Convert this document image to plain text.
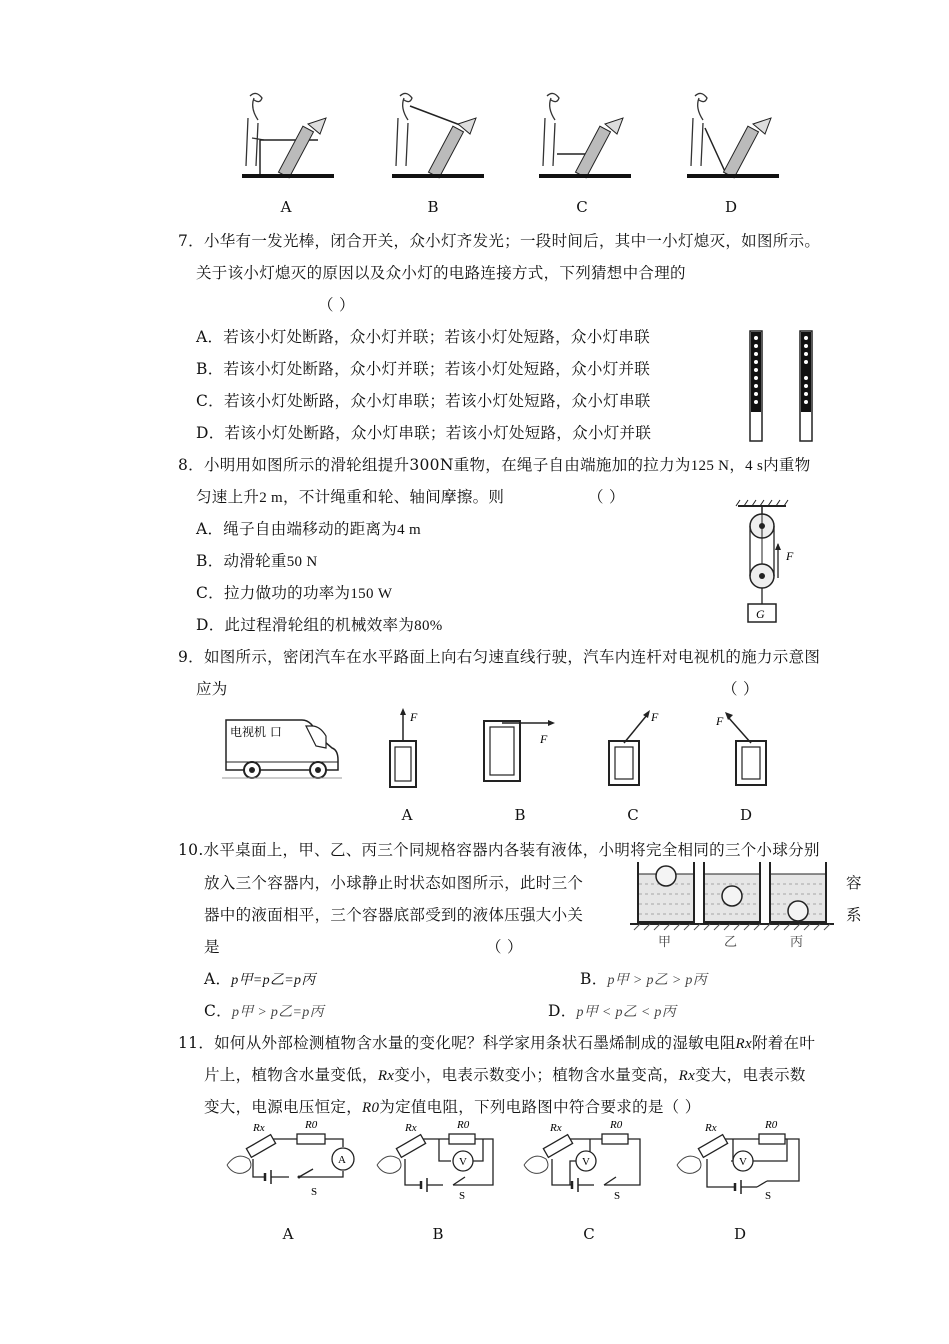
A	B	C	D
7．小华有一发光棒，闭合开关，众小灯齐发光；一段时间后，其中一小灯熄灭，如图所示。
关于该小灯熄灭的原因以及众小灯的电路连接方式，下列猜想中合理的
（ ）
A．若该小灯处断路，众小灯并联；若该小灯处短路，众小灯串联
B．若该小灯处断路，众小灯并联；若该小灯处短路，众小灯并联
C．若该小灯处断路，众小灯串联；若该小灯处短路，众小灯串联
D．若该小灯处断路，众小灯串联；若该小灯处短路，众小灯并联
8．小明用如图所示的滑轮组提升300N重物，在绳子自由端施加的拉力为125 N，4 s内重物
匀速上升2 m，不计绳重和轮、轴间摩擦。则	（ ）
A．绳子自由端移动的距离为4 m
B．动滑轮重50 N
C．拉力做功的功率为150 W
D．此过程滑轮组的机械效率为80%
F
G
9．如图所示，密闭汽车在水平路面上向右匀速直线行驶，汽车内连杆对电视机的施力示意图
应为	（ ）
电视机 口
F
F
F	F
A	B	C	D
10.水平桌面上，甲、乙、丙三个同规格容器内各装有液体，小明将完全相同的三个小球分别
放入三个容器内，小球静止时状态如图所示，此时三个	容
器中的液面相平，三个容器底部受到的液体压强大小关	系
是	（ ）	甲	乙	丙
A．p甲=p乙=p丙	B．p甲 > p乙 > p丙
C．p甲 > p乙=p丙	D．p甲 < p乙 < p丙
11．如何从外部检测植物含水量的变化呢？科学家用条状石墨烯制成的湿敏电阻Rx附着在叶
片上，植物含水量变低，Rx变小，电表示数变小；植物含水量变高，Rx变大，电表示数
变大，电源电压恒定，R0为定值电阻，下列电路图中符合要求的是（ ）
Rx	R0
A
S
Rx	R0
V
S
Rx	R0
V
S
Rx	R0
V
S
A	B	C	D
